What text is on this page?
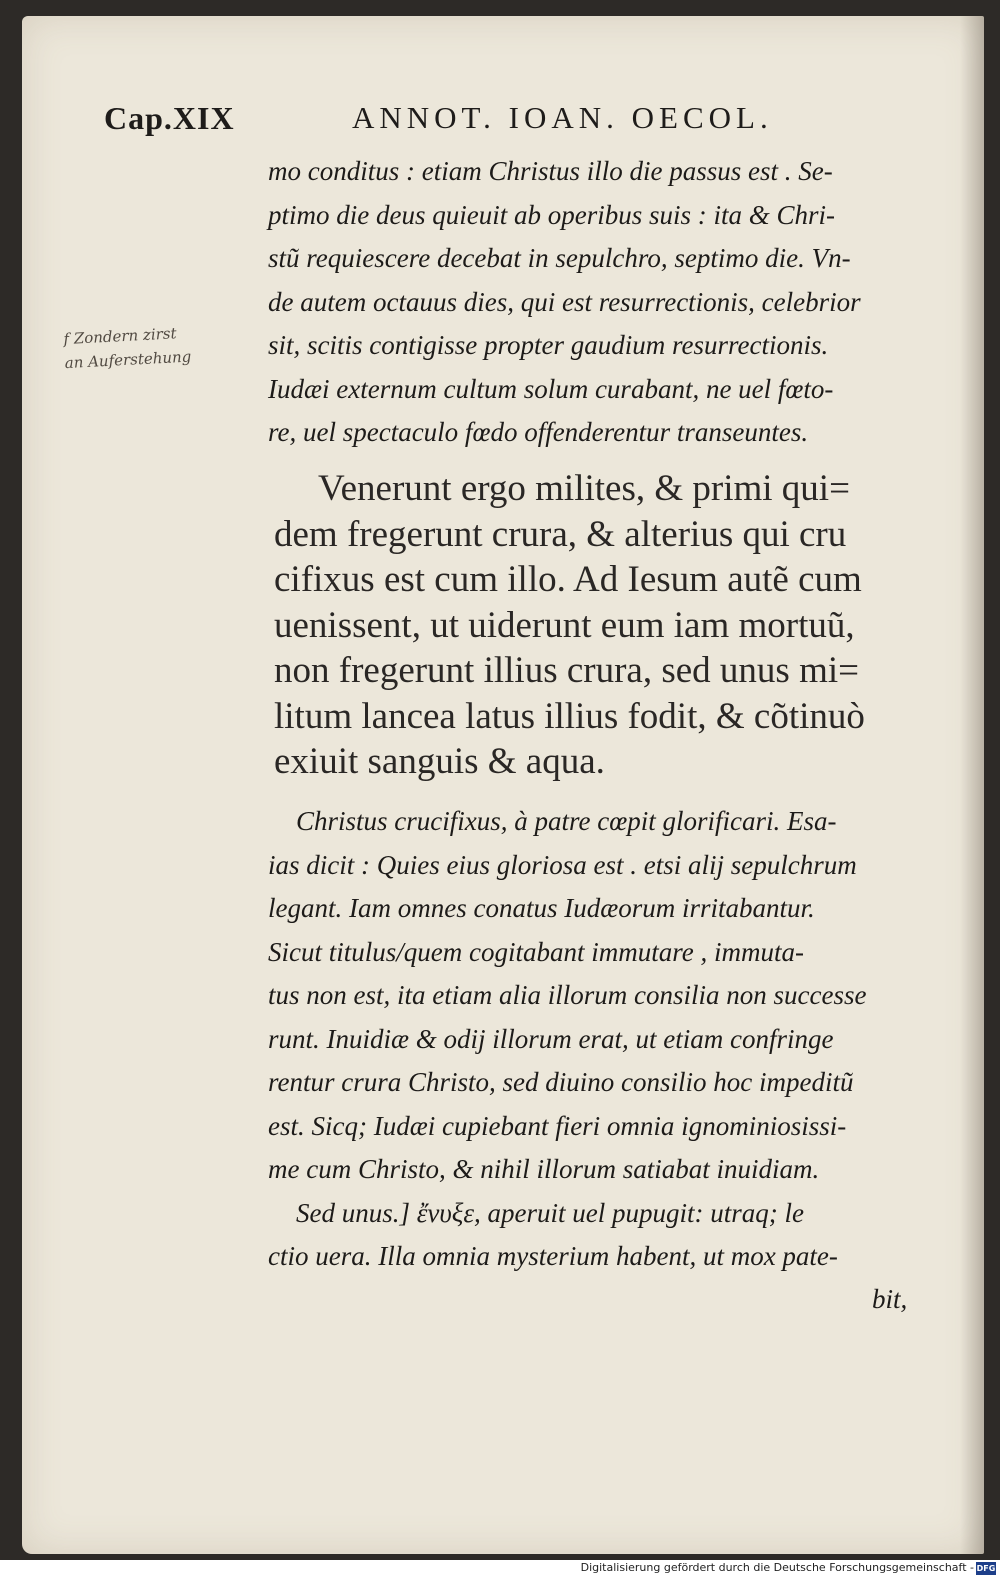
Cap.XIX	ANNOT. IOAN. OECOL.
f Zondern zirst
an Auferstehung
mo conditus : etiam Christus illo die passus est . Se-
ptimo die deus quieuit ab operibus suis : ita & Chri-
stũ requiescere decebat in sepulchro, septimo die. Vn-
de autem octauus dies, qui est resurrectionis, celebrior
sit, scitis contigisse propter gaudium resurrectionis.
Iudæi externum cultum solum curabant, ne uel fœto-
re, uel spectaculo fœdo offenderentur transeuntes.
Venerunt ergo milites, & primi qui=
dem fregerunt crura, & alterius qui cru
cifixus est cum illo. Ad Iesum autẽ cum
uenissent, ut uiderunt eum iam mortuũ,
non fregerunt illius crura, sed unus mi=
litum lancea latus illius fodit, & cõtinuò
exiuit sanguis & aqua.
Christus crucifixus, à patre cœpit glorificari. Esa-
ias dicit : Quies eius gloriosa est . etsi alij sepulchrum
legant. Iam omnes conatus Iudæorum irritabantur.
Sicut titulus/quem cogitabant immutare , immuta-
tus non est, ita etiam alia illorum consilia non successe
runt. Inuidiæ & odij illorum erat, ut etiam confringe
rentur crura Christo, sed diuino consilio hoc impeditũ
est. Sicq; Iudæi cupiebant fieri omnia ignominiosissi-
me cum Christo, & nihil illorum satiabat inuidiam.
Sed unus.] ἔνυξε, aperuit uel pupugit: utraq; le
ctio uera. Illa omnia mysterium habent, ut mox pate-
bit,
Digitalisierung gefördert durch die Deutsche Forschungsgemeinschaft - DFG
